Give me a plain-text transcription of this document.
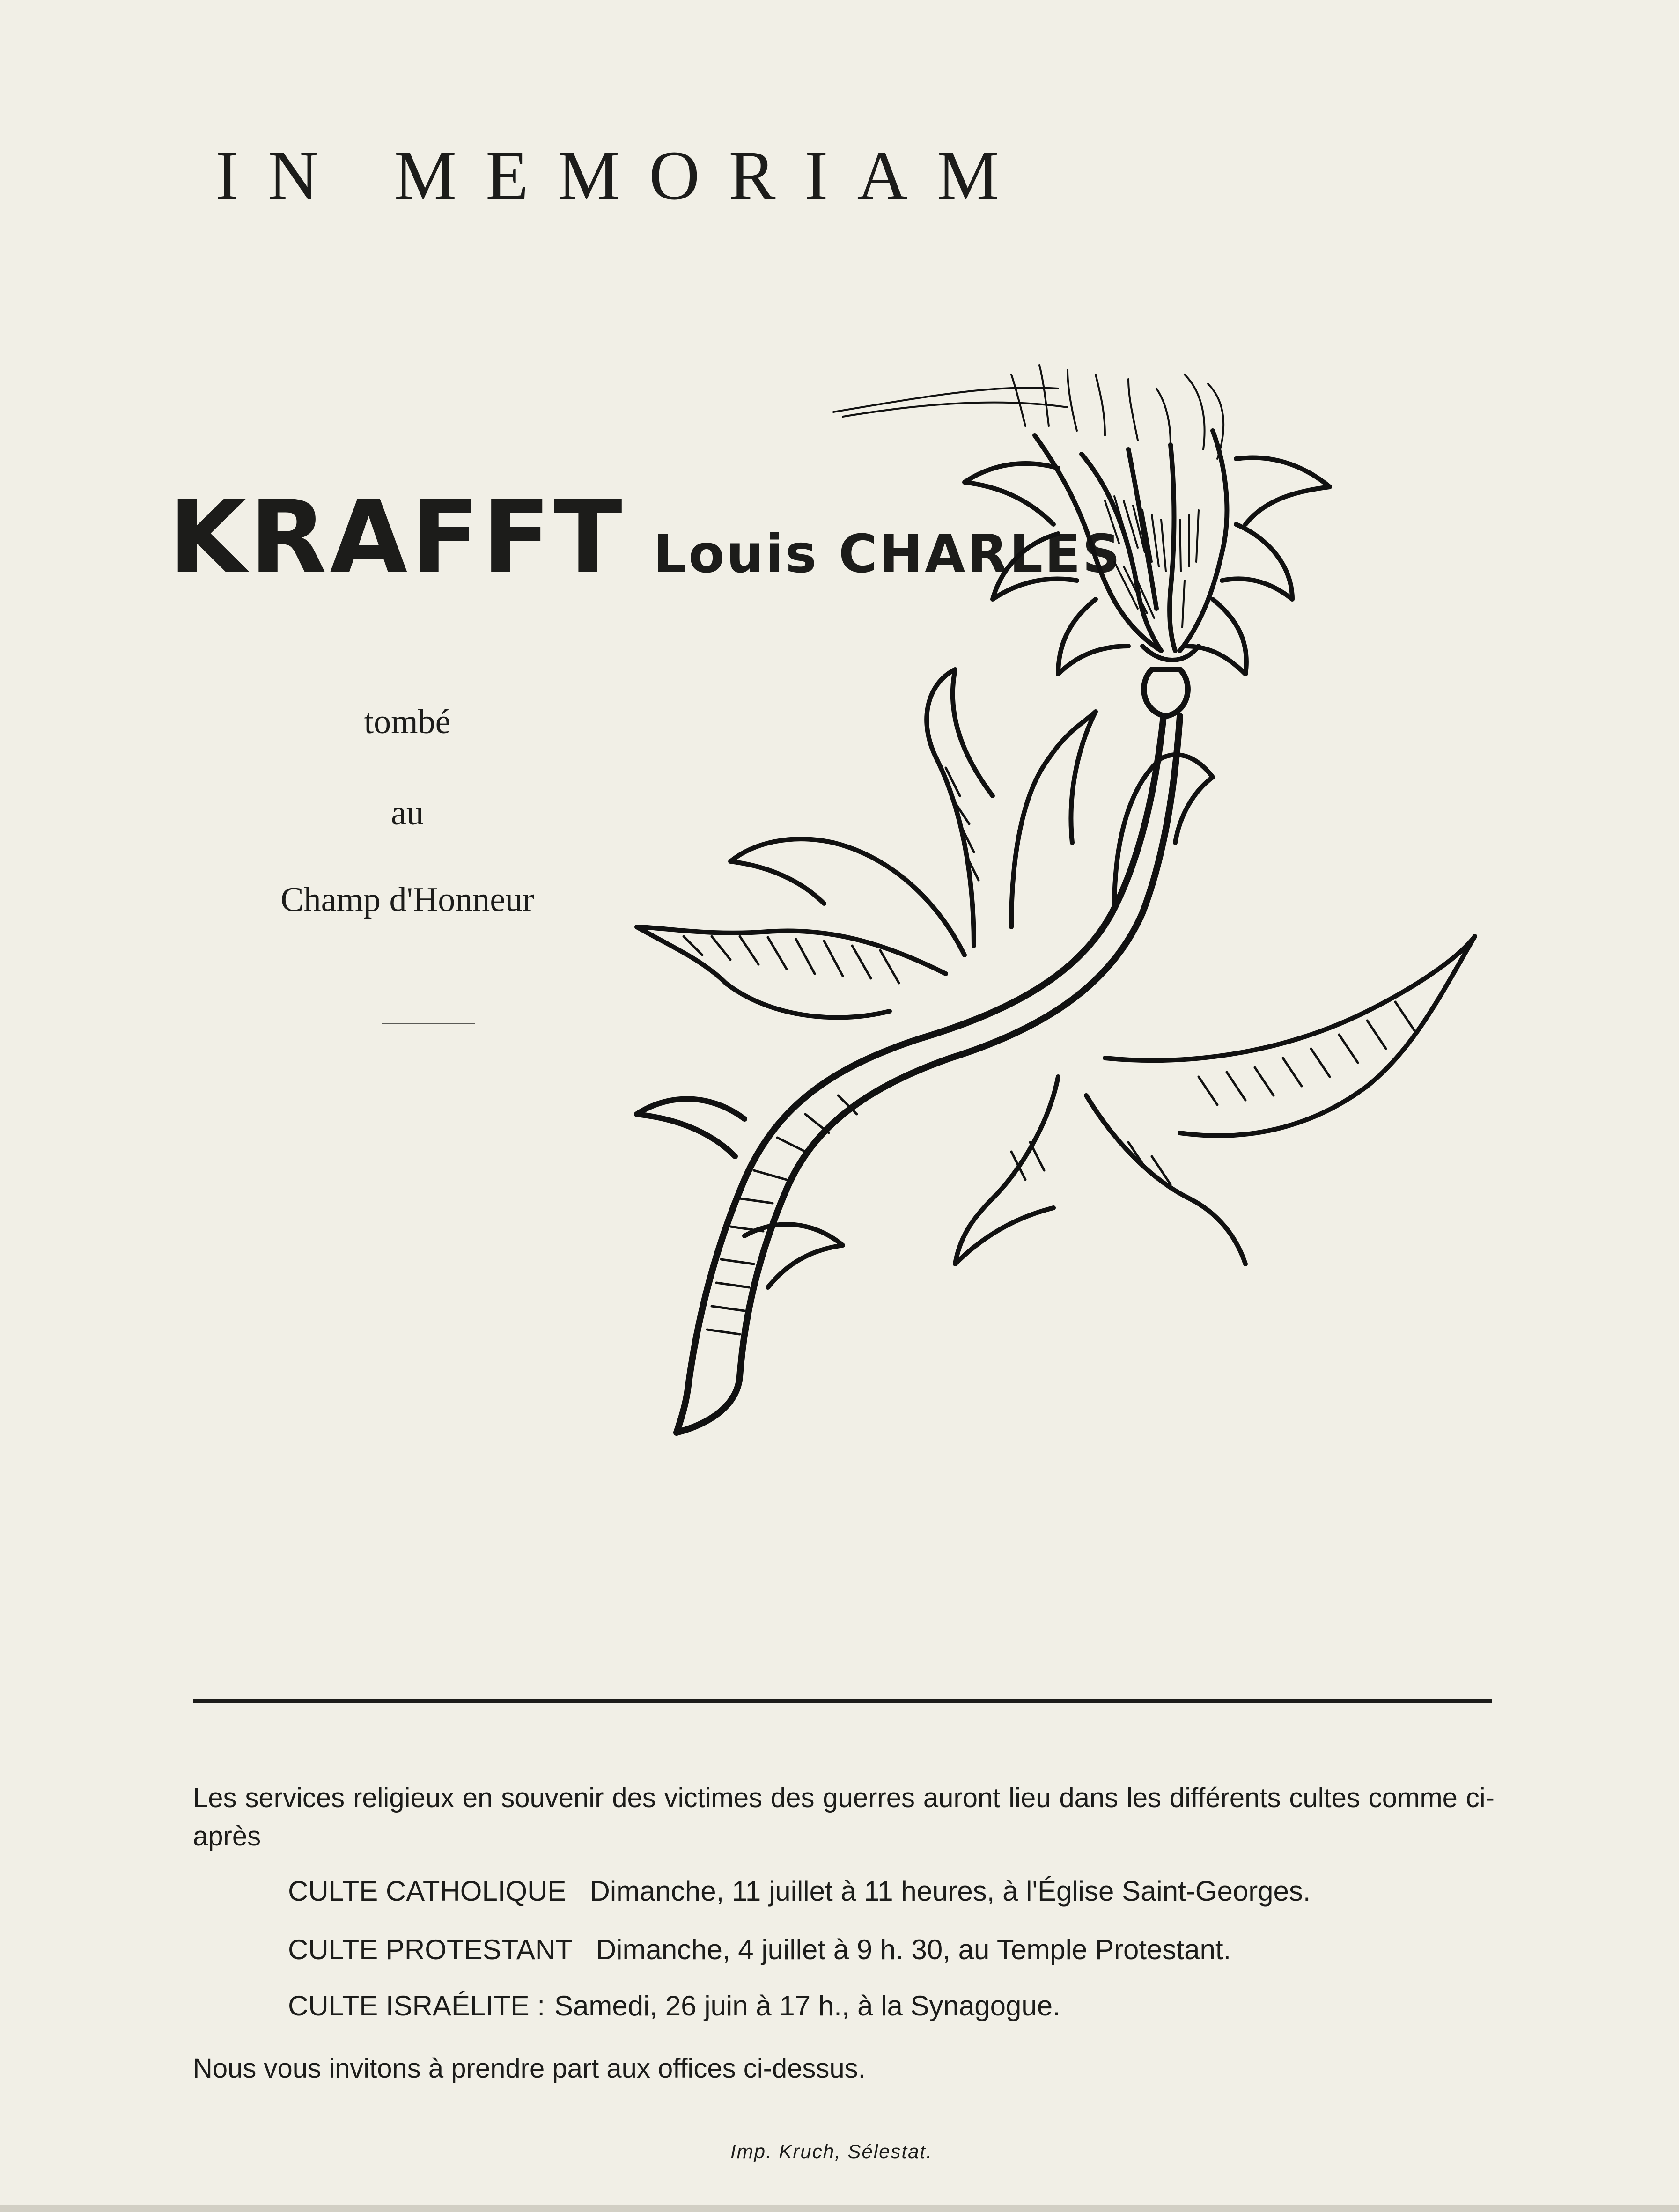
IN MEMORIAM
KRAFFT Louis CHARLES
tombé
au
Champ d'Honneur
Les services religieux en souvenir des victimes des guerres auront lieu dans les différents cultes comme ci-après
CULTE CATHOLIQUE Dimanche, 11 juillet à 11 heures, à l'Église Saint-Georges.
CULTE PROTESTANT Dimanche, 4 juillet à 9 h. 30, au Temple Protestant.
CULTE ISRAÉLITE : Samedi, 26 juin à 17 h., à la Synagogue.
Nous vous invitons à prendre part aux offices ci-dessus.
Imp. Kruch, Sélestat.
